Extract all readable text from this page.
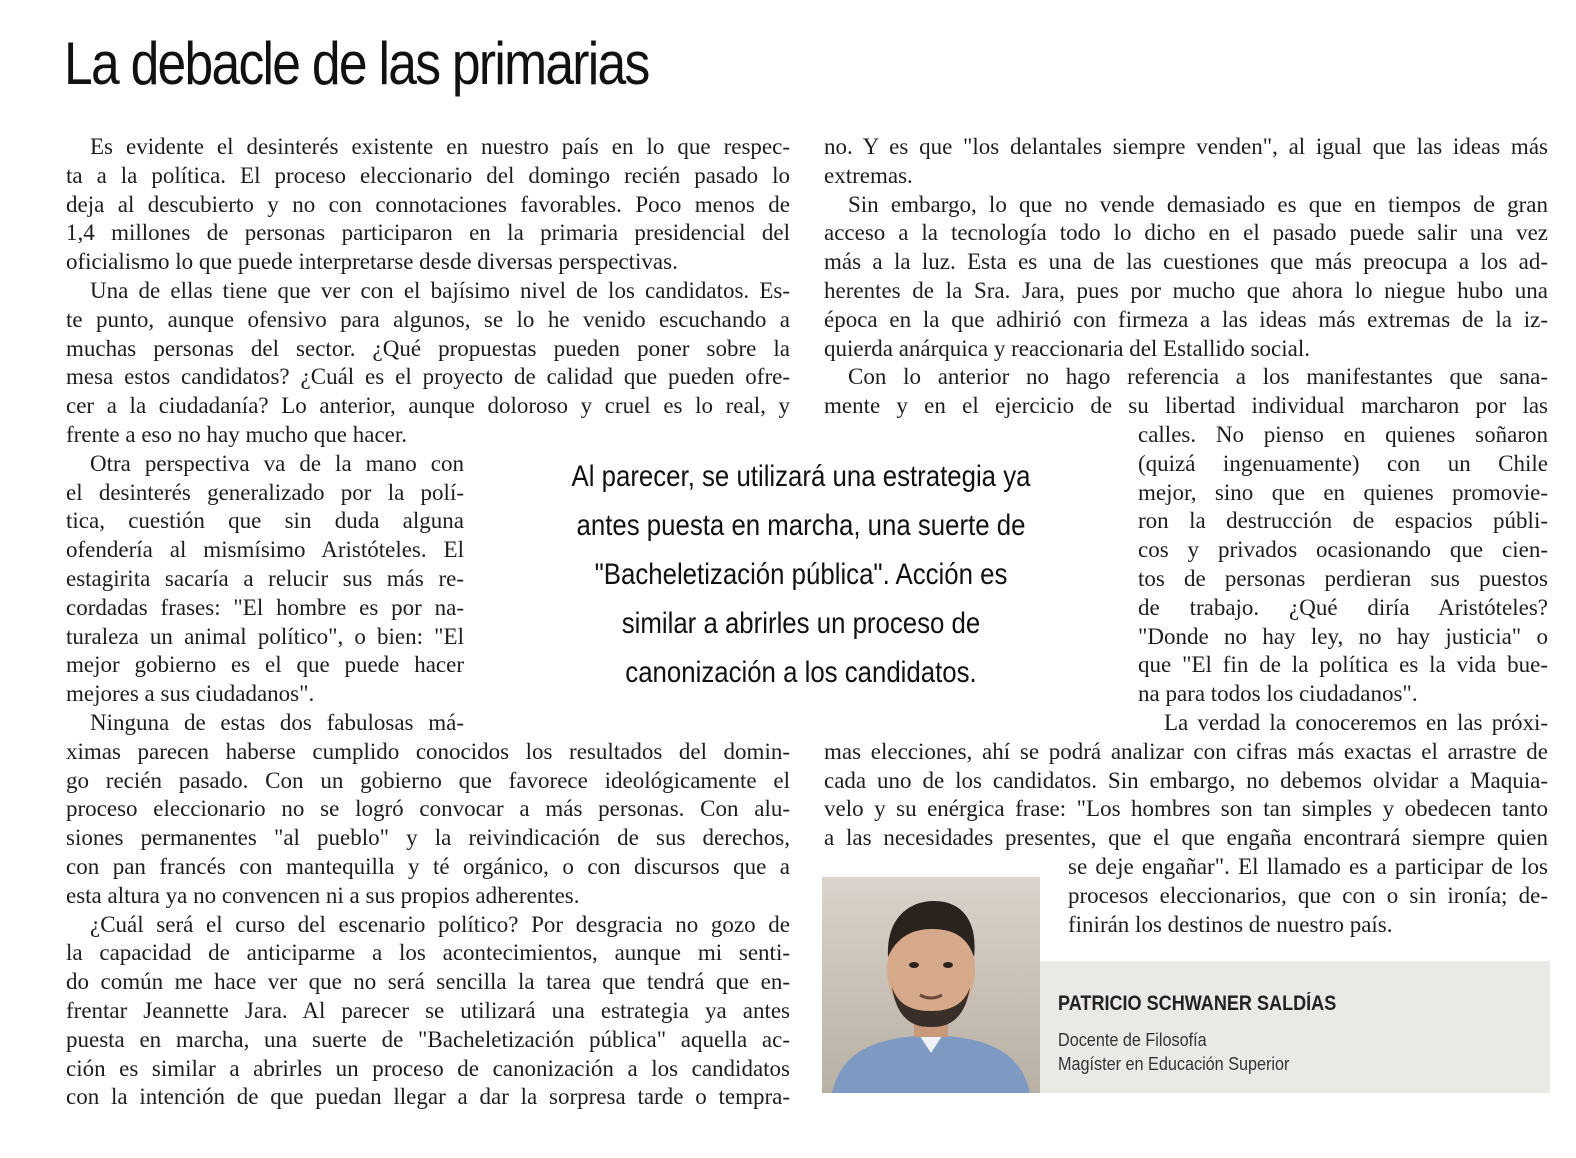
La debacle de las primarias

Es evidente el desinterés existente en nuestro país en lo que respec-

ta a la política. El proceso eleccionario del domingo recién pasado lo

deja al descubierto y no con connotaciones favorables. Poco menos de

1,4 millones de personas participaron en la primaria presidencial del

oficialismo lo que puede interpretarse desde diversas perspectivas.

Una de ellas tiene que ver con el bajísimo nivel de los candidatos. Es-

te punto, aunque ofensivo para algunos, se lo he venido escuchando a

muchas personas del sector. ¿Qué propuestas pueden poner sobre la

mesa estos candidatos? ¿Cuál es el proyecto de calidad que pueden ofre-

cer a la ciudadanía? Lo anterior, aunque doloroso y cruel es lo real, y

frente a eso no hay mucho que hacer.

Otra perspectiva va de la mano con

el desinterés generalizado por la polí-

tica, cuestión que sin duda alguna

ofendería al mismísimo Aristóteles. El

estagirita sacaría a relucir sus más re-

cordadas frases: "El hombre es por na-

turaleza un animal político", o bien: "El

mejor gobierno es el que puede hacer

mejores a sus ciudadanos".

Ninguna de estas dos fabulosas má-

ximas parecen haberse cumplido conocidos los resultados del domin-

go recién pasado. Con un gobierno que favorece ideológicamente el

proceso eleccionario no se logró convocar a más personas. Con alu-

siones permanentes "al pueblo" y la reivindicación de sus derechos,

con pan francés con mantequilla y té orgánico, o con discursos que a

esta altura ya no convencen ni a sus propios adherentes.

¿Cuál será el curso del escenario político? Por desgracia no gozo de

la capacidad de anticiparme a los acontecimientos, aunque mi senti-

do común me hace ver que no será sencilla la tarea que tendrá que en-

frentar Jeannette Jara. Al parecer se utilizará una estrategia ya antes

puesta en marcha, una suerte de "Bacheletización pública" aquella ac-

ción es similar a abrirles un proceso de canonización a los candidatos

con la intención de que puedan llegar a dar la sorpresa tarde o tempra-

no. Y es que "los delantales siempre venden", al igual que las ideas más

extremas.

Sin embargo, lo que no vende demasiado es que en tiempos de gran

acceso a la tecnología todo lo dicho en el pasado puede salir una vez

más a la luz. Esta es una de las cuestiones que más preocupa a los ad-

herentes de la Sra. Jara, pues por mucho que ahora lo niegue hubo una

época en la que adhirió con firmeza a las ideas más extremas de la iz-

quierda anárquica y reaccionaria del Estallido social.

Con lo anterior no hago referencia a los manifestantes que sana-

mente y en el ejercicio de su libertad individual marcharon por las

calles. No pienso en quienes soñaron

(quizá ingenuamente) con un Chile

mejor, sino que en quienes promovie-

ron la destrucción de espacios públi-

cos y privados ocasionando que cien-

tos de personas perdieran sus puestos

de trabajo. ¿Qué diría Aristóteles?

"Donde no hay ley, no hay justicia" o

que "El fin de la política es la vida bue-

na para todos los ciudadanos".

La verdad la conoceremos en las próxi-

mas elecciones, ahí se podrá analizar con cifras más exactas el arrastre de

cada uno de los candidatos. Sin embargo, no debemos olvidar a Maquia-

velo y su enérgica frase: "Los hombres son tan simples y obedecen tanto

a las necesidades presentes, que el que engaña encontrará siempre quien

se deje engañar". El llamado es a participar de los

procesos eleccionarios, que con o sin ironía; de-

finirán los destinos de nuestro país.

Al parecer, se utilizará una estrategia ya
antes puesta en marcha, una suerte de
"Bacheletización pública". Acción es
similar a abrirles un proceso de
canonización a los candidatos.

PATRICIO SCHWANER SALDÍAS

Docente de Filosofía

Magíster en Educación Superior
